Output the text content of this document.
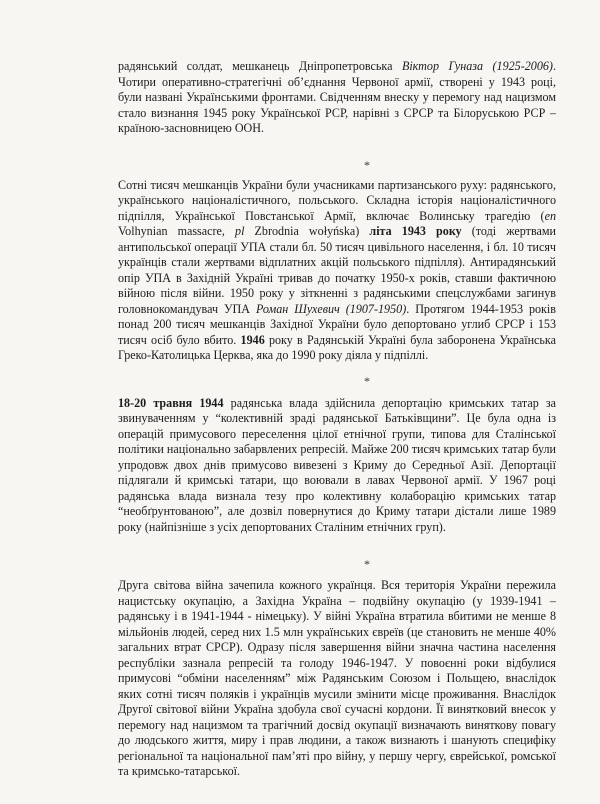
радянський солдат, мешканець Дніпропетровська Віктор Гуназа (1925-2006). Чотири оперативно-стратегічні об’єднання Червоної армії, створені у 1943 році, були названі Українськими фронтами. Свідченням внеску у перемогу над нацизмом стало визнання 1945 року Української РСР, нарівні з СРСР та Білоруською РСР – країною-засновницею ООН.

*

Сотні тисяч мешканців України були учасниками партизанського руху: радянського, українського націоналістичного, польського. Складна історія націоналістичного підпілля, Української Повстанської Армії, включає Волинську трагедію (en Volhynian massacre, pl Zbrodnia wołyńska) літа 1943 року (тоді жертвами антипольської операції УПА стали бл. 50 тисяч цивільного населення, і бл. 10 тисяч українців стали жертвами відплатних акцій польського підпілля). Антирадянський опір УПА в Західній Україні тривав до початку 1950-х років, ставши фактичною війною після війни. 1950 року у зіткненні з радянськими спецслужбами загинув головнокомандувач УПА Роман Шухевич (1907-1950). Протягом 1944-1953 років понад 200 тисяч мешканців Західної України було депортовано углиб СРСР і 153 тисяч осіб було вбито. 1946 року в Радянській Україні була заборонена Українська Греко-Католицька Церква, яка до 1990 року діяла у підпіллі.

*

18-20 травня 1944 радянська влада здійснила депортацію кримських татар за звинуваченням у “колективній зраді радянської Батьківщини”. Це була одна із операцій примусового переселення цілої етнічної групи, типова для Сталінської політики національно забарвлених репресій. Майже 200 тисяч кримських татар були упродовж двох днів примусово вивезені з Криму до Середньої Азії. Депортації підлягали й кримські татари, що воювали в лавах Червоної армії. У 1967 році радянська влада визнала тезу про колективну колаборацію кримських татар “необґрунтованою”, але дозвіл повернутися до Криму татари дістали лише 1989 року (найпізніше з усіх депортованих Сталіним етнічних груп).

*

Друга світова війна зачепила кожного українця. Вся територія України пережила нацистську окупацію, а Західна Україна – подвійну окупацію (у 1939-1941 – радянську і в 1941-1944 - німецьку). У війні Україна втратила вбитими не менше 8 мільйонів людей, серед них 1.5 млн українських євреїв (це становить не менше 40% загальних втрат СРСР). Одразу після завершення війни значна частина населення республіки зазнала репресій та голоду 1946-1947. У повоєнні роки відбулися примусові “обміни населенням” між Радянським Союзом і Польщею, внаслідок яких сотні тисяч поляків і українців мусили змінити місце проживання. Внаслідок Другої світової війни Україна здобула свої сучасні кордони. Її винятковий внесок у перемогу над нацизмом та трагічний досвід окупації визначають виняткову повагу до людського життя, миру і прав людини, а також визнають і шанують специфіку регіональної та національної пам’яті про війну, у першу чергу, єврейської, ромської та кримсько-татарської.
